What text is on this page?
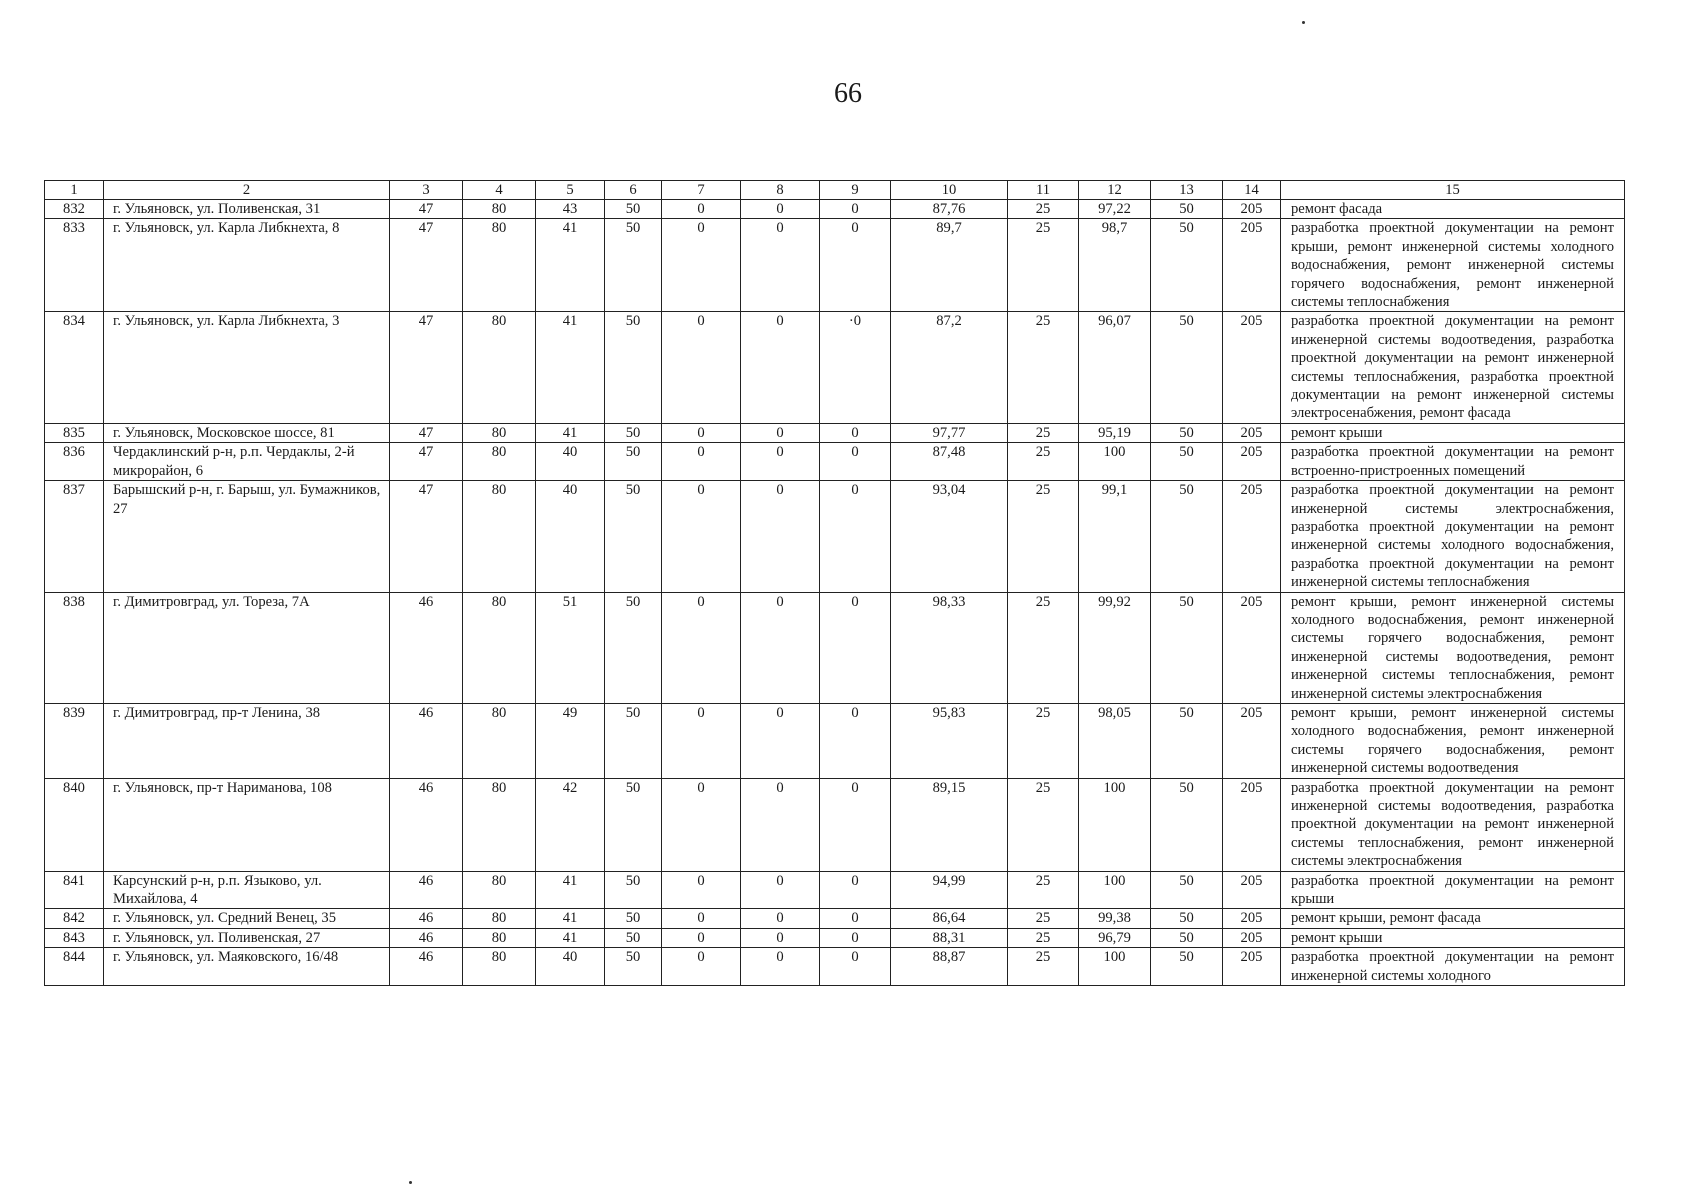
66
1	2	3	4	5	6	7	8	9	10	11	12	13	14	15
832	г. Ульяновск, ул. Поливенская, 31	47	80	43	50	0	0	0	87,76	25	97,22	50	205	ремонт фасада
833	г. Ульяновск, ул. Карла Либкнехта, 8	47	80	41	50	0	0	0	89,7	25	98,7	50	205	разработка проектной документации на ремонт крыши, ремонт инженерной системы холодного водоснабжения, ремонт инженерной системы горячего водоснабжения, ремонт инженерной системы теплоснабжения
834	г. Ульяновск, ул. Карла Либкнехта, 3	47	80	41	50	0	0	·0	87,2	25	96,07	50	205	разработка проектной документации на ремонт инженерной системы водоотведения, разработка проектной документации на ремонт инженерной системы теплоснабжения, разработка проектной документации на ремонт инженерной системы электросенабжения, ремонт фасада
835	г. Ульяновск, Московское шоссе, 81	47	80	41	50	0	0	0	97,77	25	95,19	50	205	ремонт крыши
836	Чердаклинский р-н, р.п. Чердаклы, 2-й микрорайон, 6	47	80	40	50	0	0	0	87,48	25	100	50	205	разработка проектной документации на ремонт встроенно-пристроенных помещений
837	Барышский р-н, г. Барыш, ул. Бумажников, 27	47	80	40	50	0	0	0	93,04	25	99,1	50	205	разработка проектной документации на ремонт инженерной системы электроснабжения, разработка проектной документации на ремонт инженерной системы холодного водоснабжения, разработка проектной документации на ремонт инженерной системы теплоснабжения
838	г. Димитровград, ул. Тореза, 7А	46	80	51	50	0	0	0	98,33	25	99,92	50	205	ремонт крыши, ремонт инженерной системы холодного водоснабжения, ремонт инженерной системы горячего водоснабжения, ремонт инженерной системы водоотведения, ремонт инженерной системы теплоснабжения, ремонт инженерной системы электроснабжения
839	г. Димитровград, пр-т Ленина, 38	46	80	49	50	0	0	0	95,83	25	98,05	50	205	ремонт крыши, ремонт инженерной системы холодного водоснабжения, ремонт инженерной системы горячего водоснабжения, ремонт инженерной системы водоотведения
840	г. Ульяновск, пр-т Нариманова, 108	46	80	42	50	0	0	0	89,15	25	100	50	205	разработка проектной документации на ремонт инженерной системы водоотведения, разработка проектной документации на ремонт инженерной системы теплоснабжения, ремонт инженерной системы электроснабжения
841	Карсунский р-н, р.п. Языково, ул. Михайлова, 4	46	80	41	50	0	0	0	94,99	25	100	50	205	разработка проектной документации на ремонт крыши
842	г. Ульяновск, ул. Средний Венец, 35	46	80	41	50	0	0	0	86,64	25	99,38	50	205	ремонт крыши, ремонт фасада
843	г. Ульяновск, ул. Поливенская, 27	46	80	41	50	0	0	0	88,31	25	96,79	50	205	ремонт крыши
844	г. Ульяновск, ул. Маяковского, 16/48	46	80	40	50	0	0	0	88,87	25	100	50	205	разработка проектной документации на ремонт инженерной системы холодного
